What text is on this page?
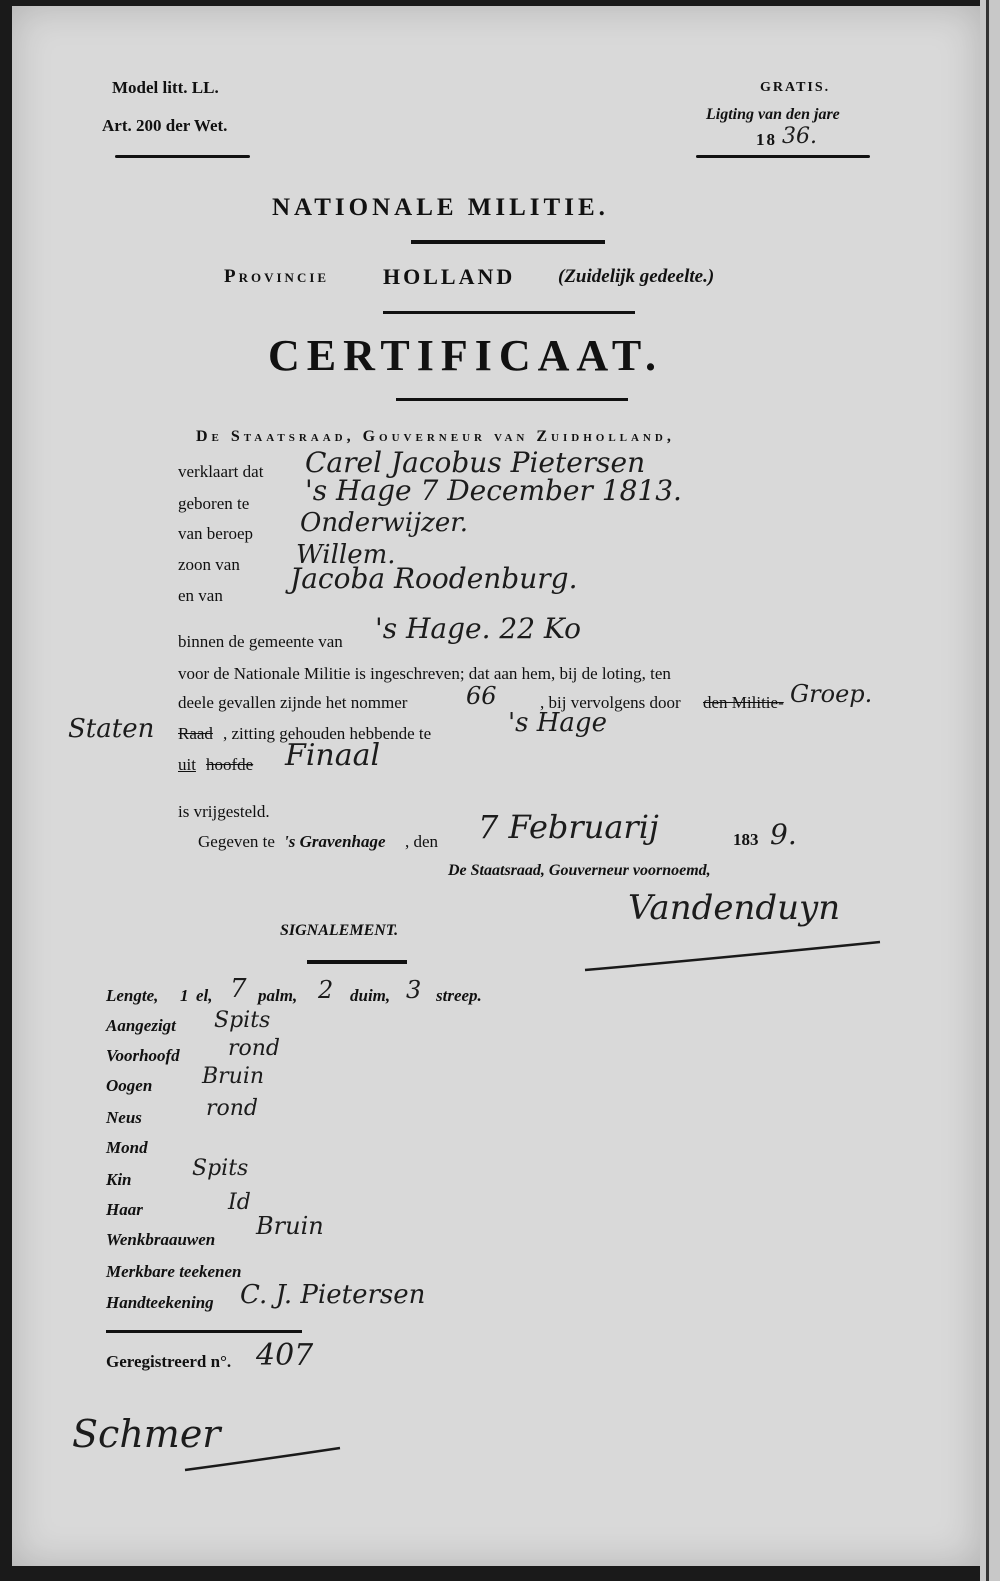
Model litt. LL.
Art. 200 der Wet.
GRATIS.
Ligting van den jare
18 36.
NATIONALE MILITIE.
Provincie HOLLAND (Zuidelijk gedeelte.)
CERTIFICAAT.
De Staatsraad, Gouverneur van Zuidholland,
verklaart dat Carel Jacobus Pietersen
geboren te 's Hage 7 December 1813.
van beroep Onderwijzer.
zoon van Willem.
en van
Jacoba Roodenburg.
binnen de gemeente van 's Hage. 22 Ko
voor de Nationale Militie is ingeschreven; dat aan hem, bij de loting, ten
deele gevallen zijnde het nommer 66	, bij vervolgens door den Militie- Groep.
Staten Raad , zitting gehouden hebbende te	's Hage
uit hoofde Finaal
is vrijgesteld.
Gegeven te 's Gravenhage , den 7 Februarij	183 9.
De Staatsraad, Gouverneur voornoemd,
Vandenduyn
SIGNALEMENT.
Lengte, 1 el, 7 palm, 2 duim, 3 streep.
Aangezigt Spits
Voorhoofd rond
Oogen Bruin
Neus	rond
Mond
Kin	Spits
Haar	Id
Wenkbraauwen Bruin
Merkbare teekenen
Handteekening C. J. Pietersen
Geregistreerd n°. 407
Schmer
